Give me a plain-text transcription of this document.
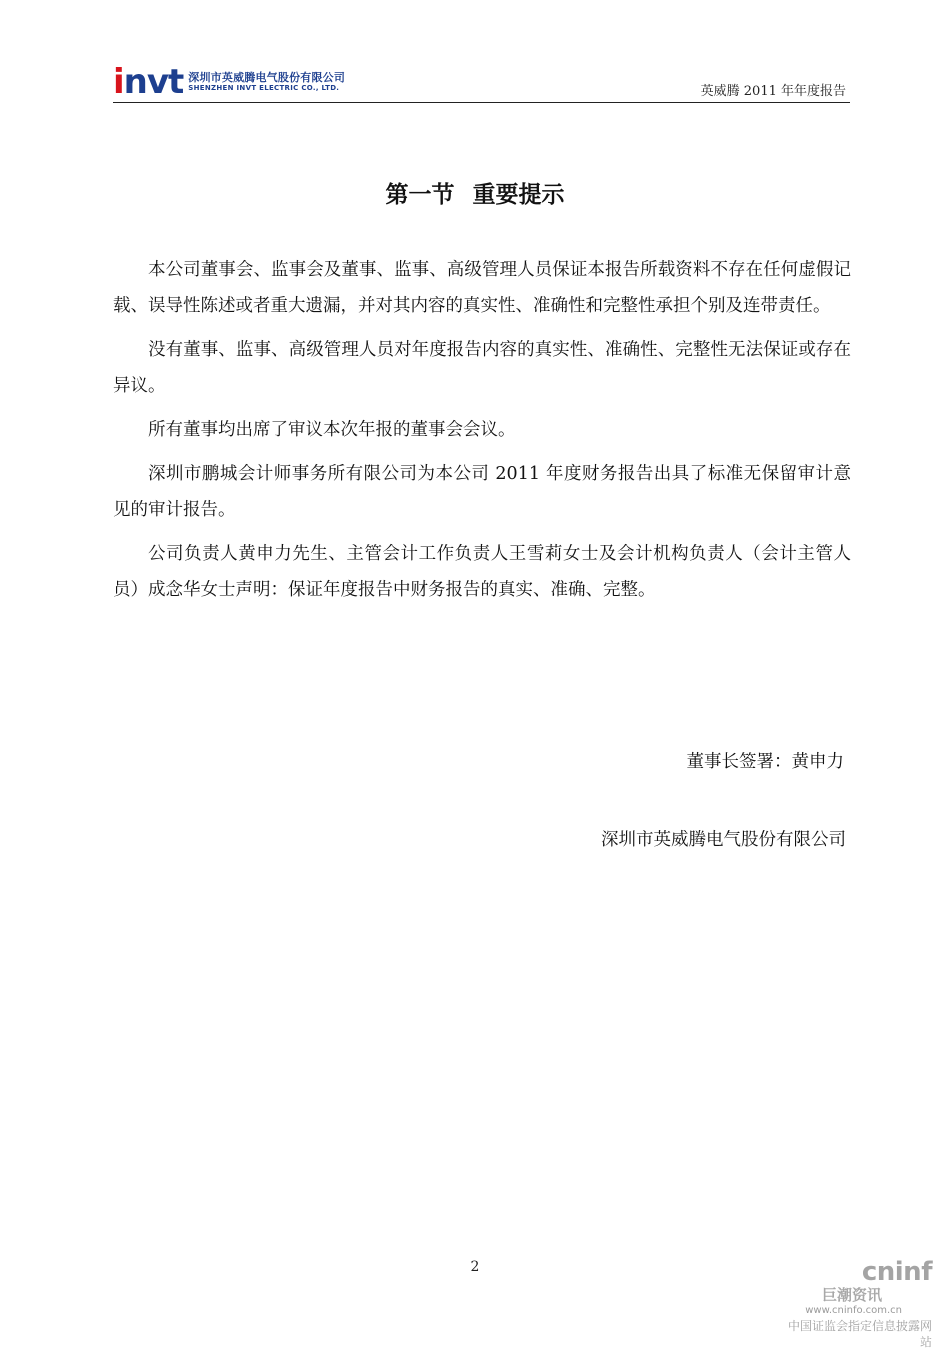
invt 深圳市英威腾电气股份有限公司
SHENZHEN INVT ELECTRIC CO., LTD.	英威腾 2011 年年度报告
第一节 重要提示

本公司董事会、监事会及董事、监事、高级管理人员保证本报告所载资料不存在任何虚假记载、误导性陈述或者重大遗漏，并对其内容的真实性、准确性和完整性承担个别及连带责任。

没有董事、监事、高级管理人员对年度报告内容的真实性、准确性、完整性无法保证或存在异议。

所有董事均出席了审议本次年报的董事会会议。

深圳市鹏城会计师事务所有限公司为本公司 2011 年度财务报告出具了标准无保留审计意见的审计报告。

公司负责人黄申力先生、主管会计工作负责人王雪莉女士及会计机构负责人（会计主管人员）成念华女士声明：保证年度报告中财务报告的真实、准确、完整。

董事长签署：黄申力
深圳市英威腾电气股份有限公司
2	cninf
巨潮资讯
www.cninfo.com.cn
中国证监会指定信息披露网站
